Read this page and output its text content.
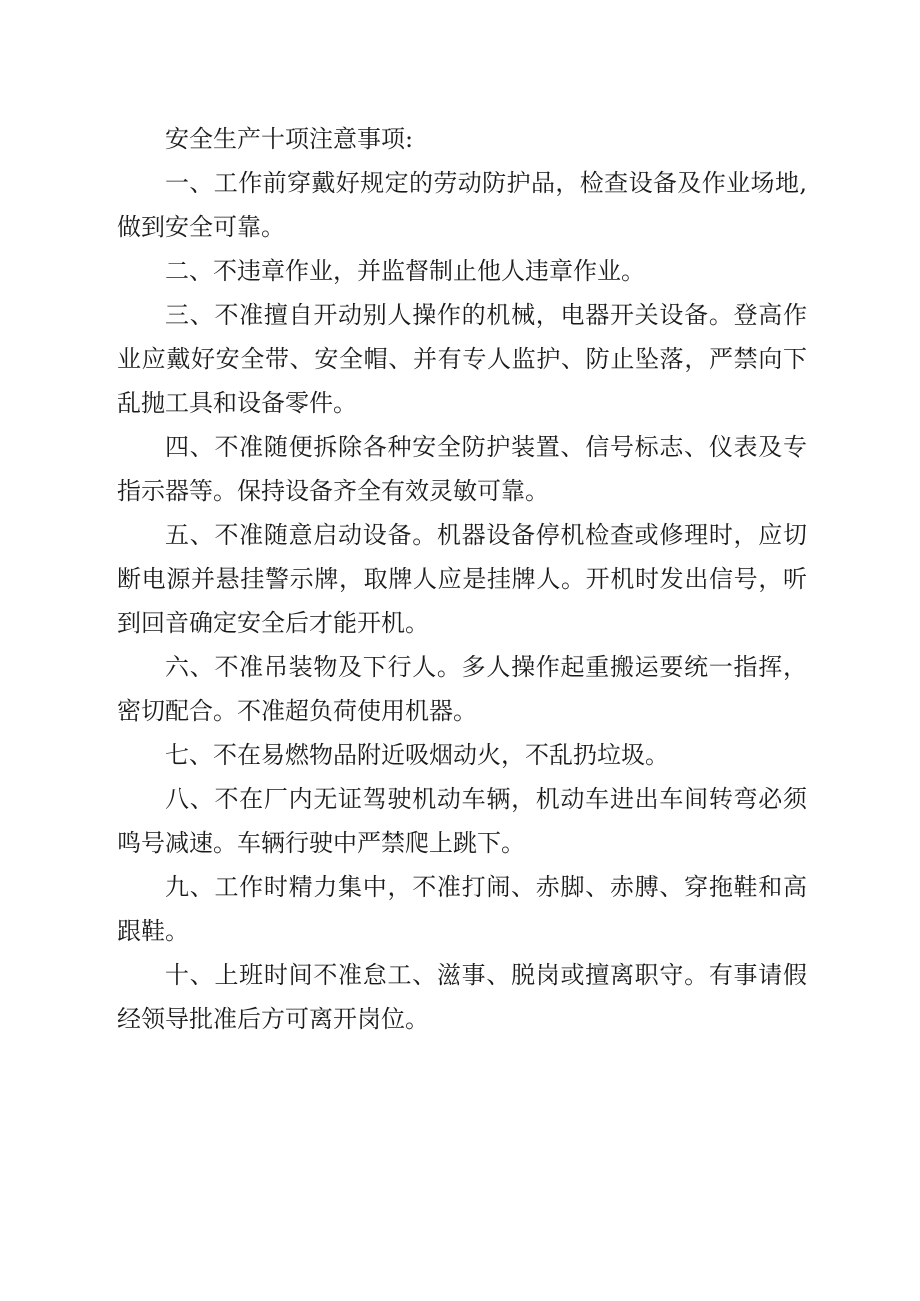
安全生产十项注意事项:

一、工作前穿戴好规定的劳动防护品，检查设备及作业场地,做到安全可靠。

二、不违章作业，并监督制止他人违章作业。

三、不准擅自开动别人操作的机械，电器开关设备。登高作业应戴好安全带、安全帽、并有专人监护、防止坠落，严禁向下乱抛工具和设备零件。

四、不准随便拆除各种安全防护装置、信号标志、仪表及专指示器等。保持设备齐全有效灵敏可靠。

五、不准随意启动设备。机器设备停机检查或修理时，应切断电源并悬挂警示牌，取牌人应是挂牌人。开机时发出信号，听到回音确定安全后才能开机。

六、不准吊装物及下行人。多人操作起重搬运要统一指挥，密切配合。不准超负荷使用机器。

七、不在易燃物品附近吸烟动火，不乱扔垃圾。

八、不在厂内无证驾驶机动车辆，机动车进出车间转弯必须鸣号减速。车辆行驶中严禁爬上跳下。

九、工作时精力集中，不准打闹、赤脚、赤膊、穿拖鞋和高跟鞋。

十、上班时间不准怠工、滋事、脱岗或擅离职守。有事请假经领导批准后方可离开岗位。
